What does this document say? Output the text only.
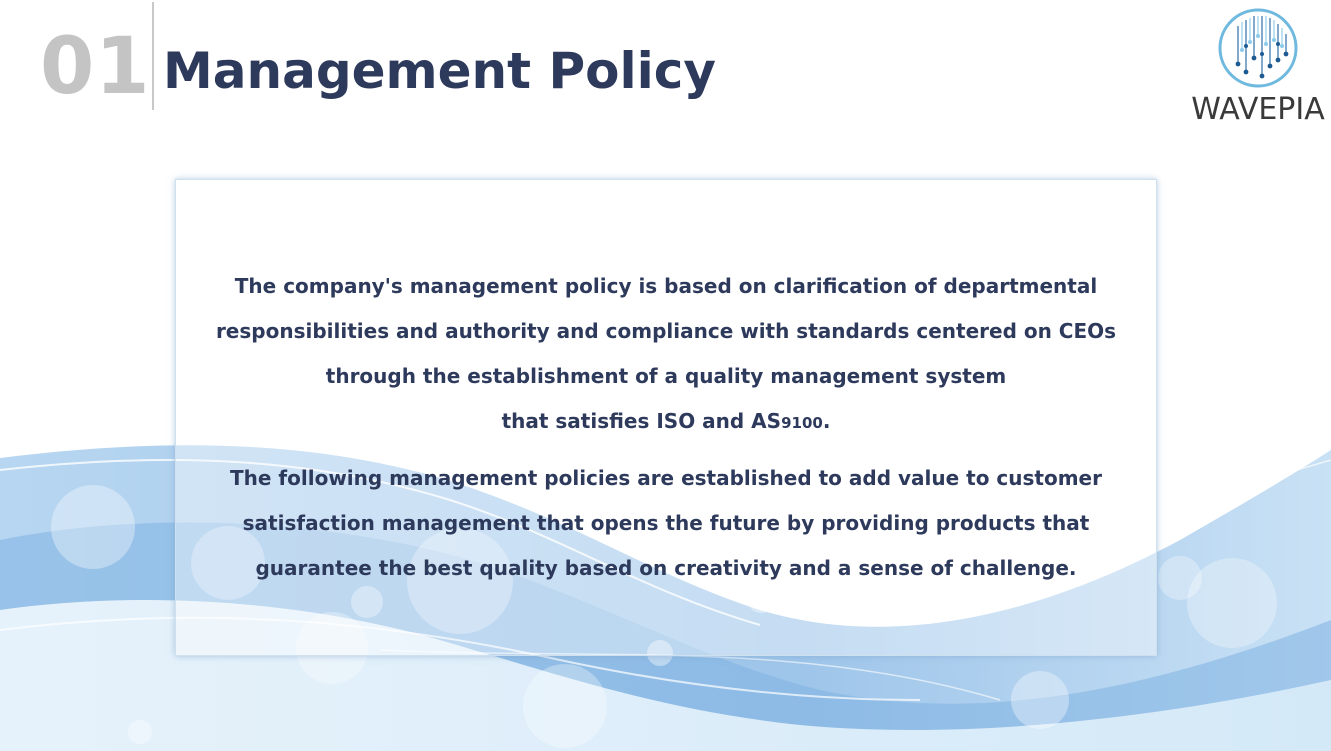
01 Management Policy
WAVEPIA
The company's management policy is based on clarification of departmental
responsibilities and authority and compliance with standards centered on CEOs
through the establishment of a quality management system
that satisfies ISO and AS9100.
The following management policies are established to add value to customer
satisfaction management that opens the future by providing products that
guarantee the best quality based on creativity and a sense of challenge.
